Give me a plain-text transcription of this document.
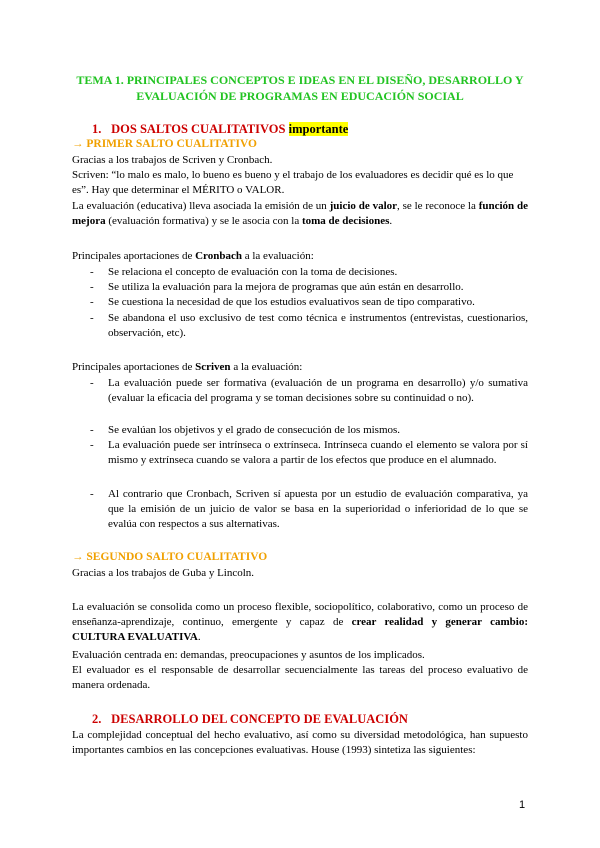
TEMA 1. PRINCIPALES CONCEPTOS E IDEAS EN EL DISEÑO, DESARROLLO Y
EVALUACIÓN DE PROGRAMAS EN EDUCACIÓN SOCIAL
1. DOS SALTOS CUALITATIVOS importante
→ PRIMER SALTO CUALITATIVO
Gracias a los trabajos de Scriven y Cronbach.
Scriven: “lo malo es malo, lo bueno es bueno y el trabajo de los evaluadores es decidir qué es lo que es”. Hay que determinar el MÉRITO o VALOR.
La evaluación (educativa) lleva asociada la emisión de un juicio de valor, se le reconoce la función de mejora (evaluación formativa) y se le asocia con la toma de decisiones.
Principales aportaciones de Cronbach a la evaluación:
- Se relaciona el concepto de evaluación con la toma de decisiones.
- Se utiliza la evaluación para la mejora de programas que aún están en desarrollo.
- Se cuestiona la necesidad de que los estudios evaluativos sean de tipo comparativo.
- Se abandona el uso exclusivo de test como técnica e instrumentos (entrevistas, cuestionarios, observación, etc).
Principales aportaciones de Scriven a la evaluación:
- La evaluación puede ser formativa (evaluación de un programa en desarrollo) y/o sumativa (evaluar la eficacia del programa y se toman decisiones sobre su continuidad o no).
- Se evalúan los objetivos y el grado de consecución de los mismos.
- La evaluación puede ser intrínseca o extrínseca. Intrínseca cuando el elemento se valora por sí mismo y extrínseca cuando se valora a partir de los efectos que produce en el alumnado.
- Al contrario que Cronbach, Scriven sí apuesta por un estudio de evaluación comparativa, ya que la emisión de un juicio de valor se basa en la superioridad o inferioridad de lo que se evalúa con respectos a sus alternativas.
→ SEGUNDO SALTO CUALITATIVO
Gracias a los trabajos de Guba y Lincoln.
La evaluación se consolida como un proceso flexible, sociopolítico, colaborativo, como un proceso de enseñanza-aprendizaje, continuo, emergente y capaz de crear realidad y generar cambio: CULTURA EVALUATIVA.
Evaluación centrada en: demandas, preocupaciones y asuntos de los implicados.
El evaluador es el responsable de desarrollar secuencialmente las tareas del proceso evaluativo de manera ordenada.
2. DESARROLLO DEL CONCEPTO DE EVALUACIÓN
La complejidad conceptual del hecho evaluativo, así como su diversidad metodológica, han supuesto importantes cambios en las concepciones evaluativas. House (1993) sintetiza las siguientes:
1
